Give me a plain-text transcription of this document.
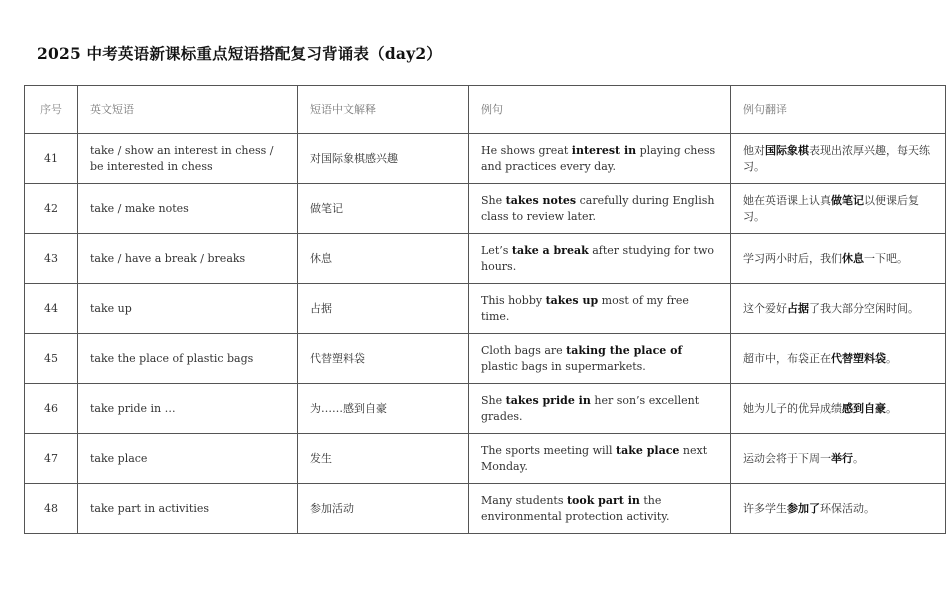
2025 中考英语新课标重点短语搭配复习背诵表（day2）
序号	英文短语	短语中文解释	例句	例句翻译
41	take / show an interest in chess / be interested in chess	对国际象棋感兴趣	He shows great interest in playing chess and practices every day.	他对国际象棋表现出浓厚兴趣，每天练习。
42	take / make notes	做笔记	She takes notes carefully during English class to review later.	她在英语课上认真做笔记以便课后复习。
43	take / have a break / breaks	休息	Let’s take a break after studying for two hours.	学习两小时后，我们休息一下吧。
44	take up	占据	This hobby takes up most of my free time.	这个爱好占据了我大部分空闲时间。
45	take the place of plastic bags	代替塑料袋	Cloth bags are taking the place of plastic bags in supermarkets.	超市中，布袋正在代替塑料袋。
46	take pride in …	为……感到自豪	She takes pride in her son’s excellent grades.	她为儿子的优异成绩感到自豪。
47	take place	发生	The sports meeting will take place next Monday.	运动会将于下周一举行。
48	take part in activities	参加活动	Many students took part in the environmental protection activity.	许多学生参加了环保活动。
